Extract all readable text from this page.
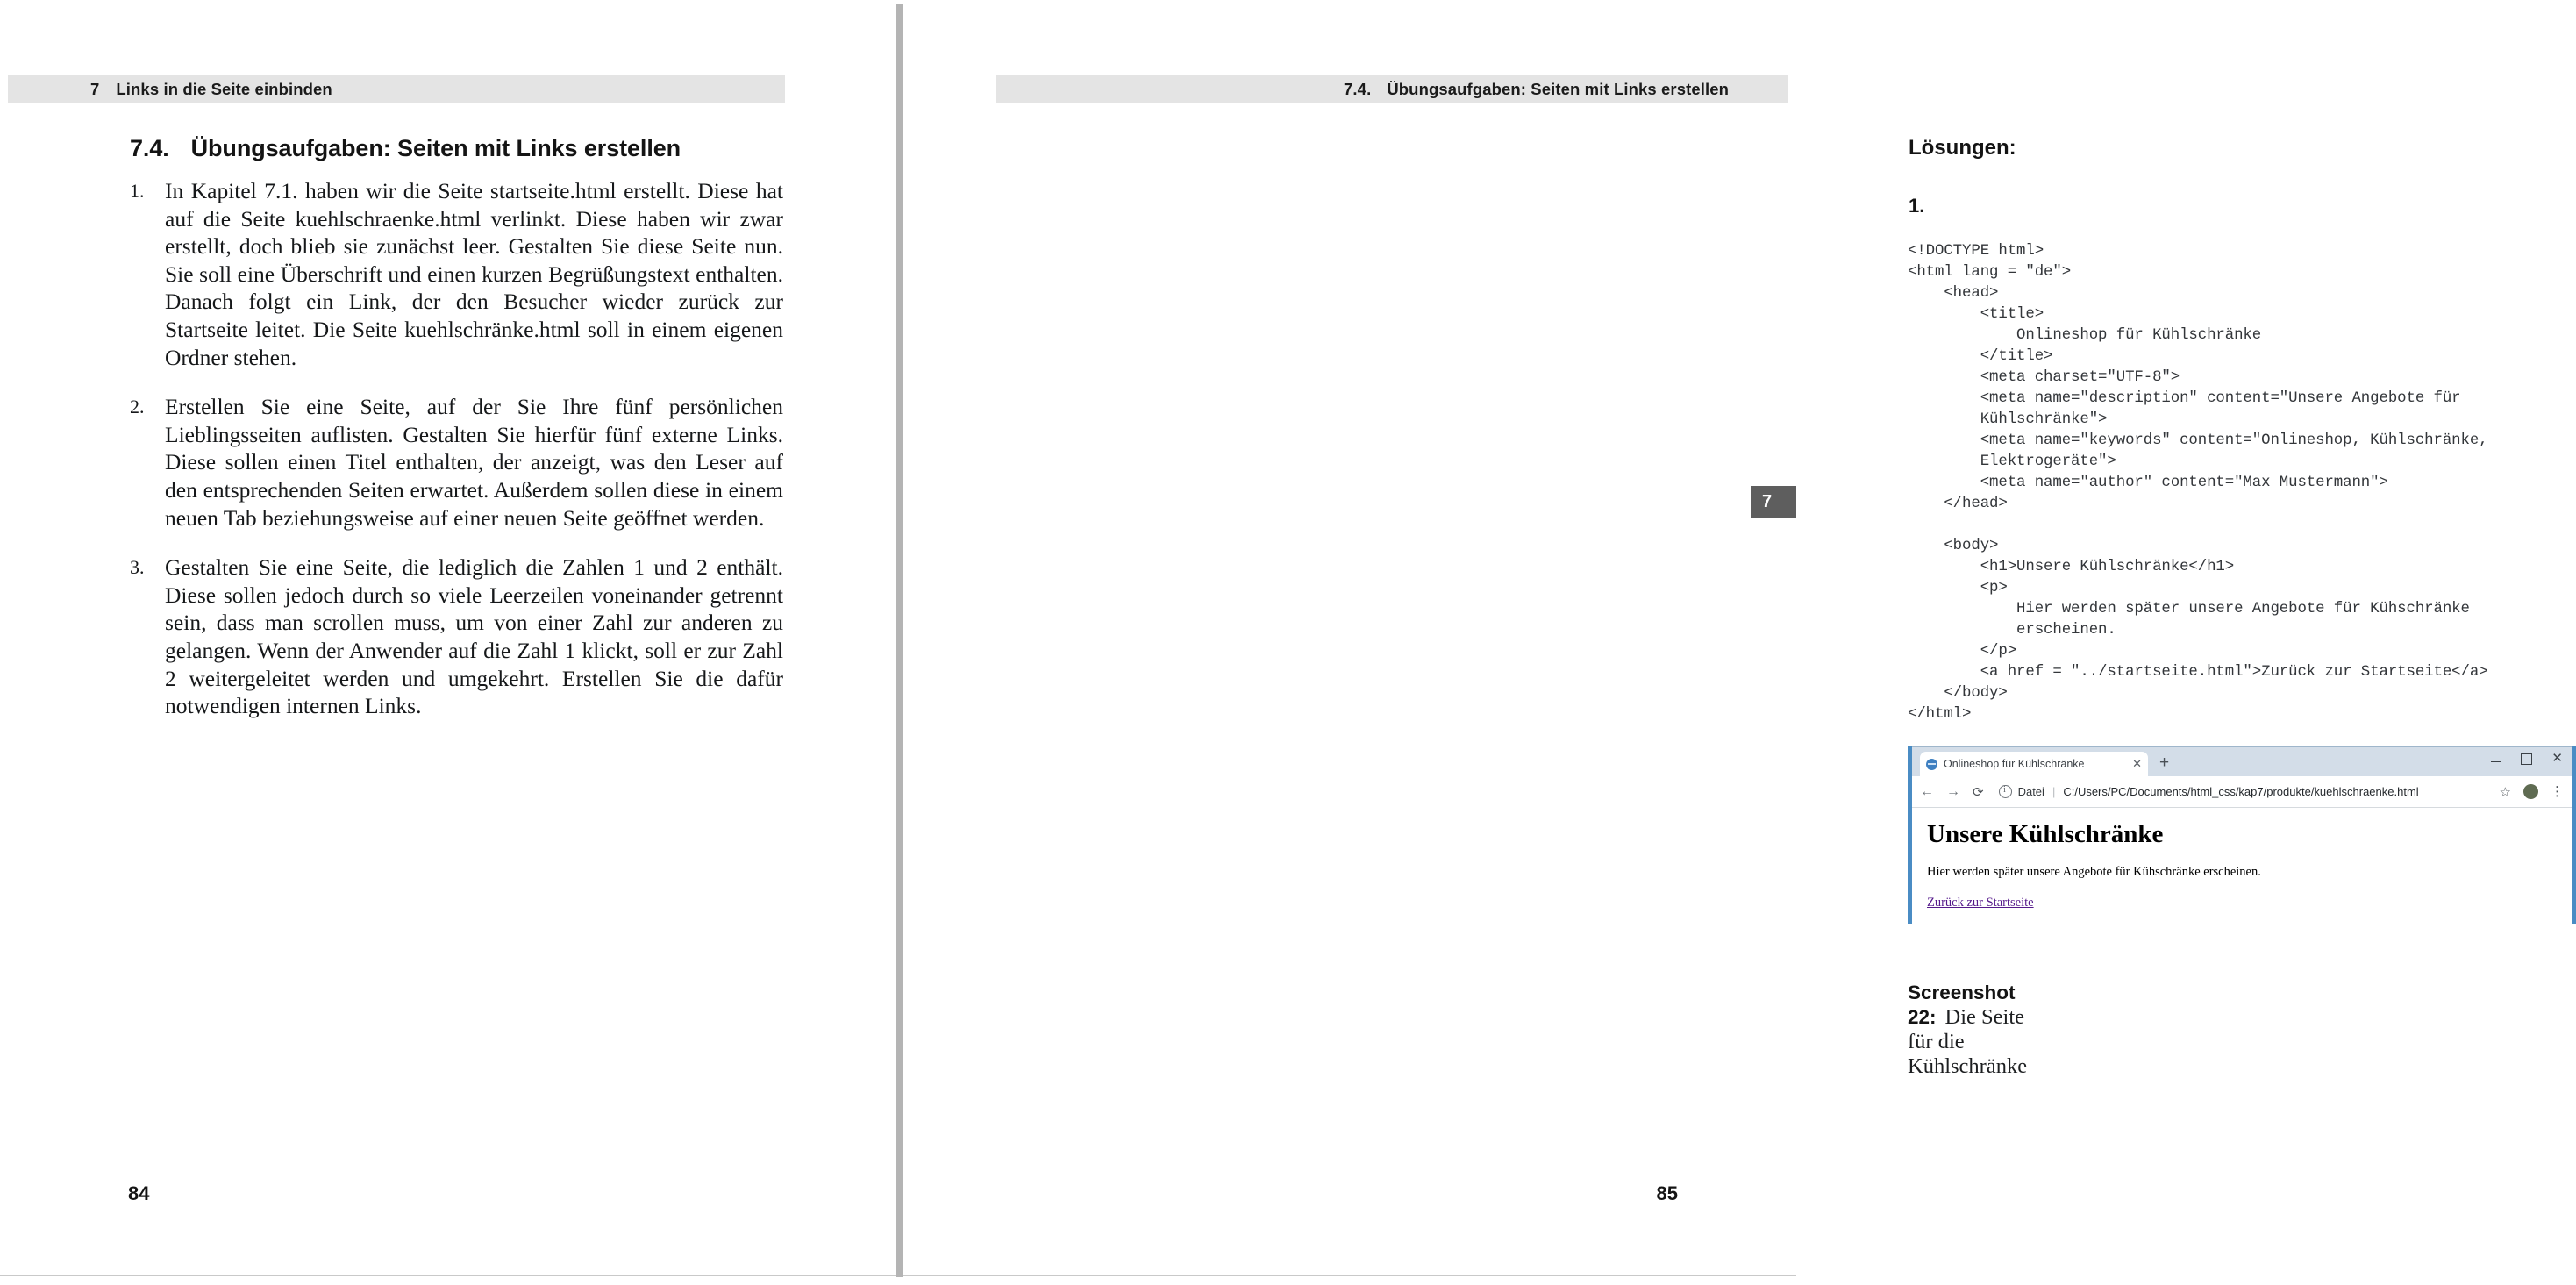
7 Links in die Seite einbinden
7.4. Übungsaufgaben: Seiten mit Links erstellen
1. In Kapitel 7.1. haben wir die Seite startseite.html erstellt. Diese hat auf die Seite kuehlschraenke.html verlinkt. Diese haben wir zwar erstellt, doch blieb sie zunächst leer. Gestalten Sie diese Seite nun. Sie soll eine Überschrift und einen kurzen Begrüßungstext enthalten. Danach folgt ein Link, der den Besucher wieder zurück zur Startseite leitet. Die Seite kuehlschränke.html soll in einem eigenen Ordner stehen.
2. Erstellen Sie eine Seite, auf der Sie Ihre fünf persönlichen Lieblingsseiten auflisten. Gestalten Sie hierfür fünf externe Links. Diese sollen einen Titel enthalten, der anzeigt, was den Leser auf den entsprechenden Seiten erwartet. Außerdem sollen diese in einem neuen Tab beziehungsweise auf einer neuen Seite geöffnet werden.
3. Gestalten Sie eine Seite, die lediglich die Zahlen 1 und 2 enthält. Diese sollen jedoch durch so viele Leerzeilen voneinander getrennt sein, dass man scrollen muss, um von einer Zahl zur anderen zu gelangen. Wenn der Anwender auf die Zahl 1 klickt, soll er zur Zahl 2 weitergeleitet werden und umgekehrt. Erstellen Sie die dafür notwendigen internen Links.
84
7.4. Übungsaufgaben: Seiten mit Links erstellen
7
Lösungen:
1.
<!DOCTYPE html>
<html lang = "de">
<head>
<title>
Onlineshop für Kühlschränke
</title>
<meta charset="UTF-8">
<meta name="description" content="Unsere Angebote für
Kühlschränke">
<meta name="keywords" content="Onlineshop, Kühlschränke,
Elektrogeräte">
<meta name="author" content="Max Mustermann">
</head>

<body>
<h1>Unsere Kühlschränke</h1>
<p>
Hier werden später unsere Angebote für Kühschränke
erscheinen.
</p>
<a href = "../startseite.html">Zurück zur Startseite</a>
</body>
</html>
Onlineshop für Kühlschränke	✕ +	✕
← → ⟳ i	Datei | C:/Users/PC/Documents/html_css/kap7/produkte/kuehlschraenke.html	☆	⋮
Unsere Kühlschränke
Hier werden später unsere Angebote für Kühschränke erscheinen.
Zurück zur Startseite
Screenshot 22: Die Seite für die Kühlschränke
85
